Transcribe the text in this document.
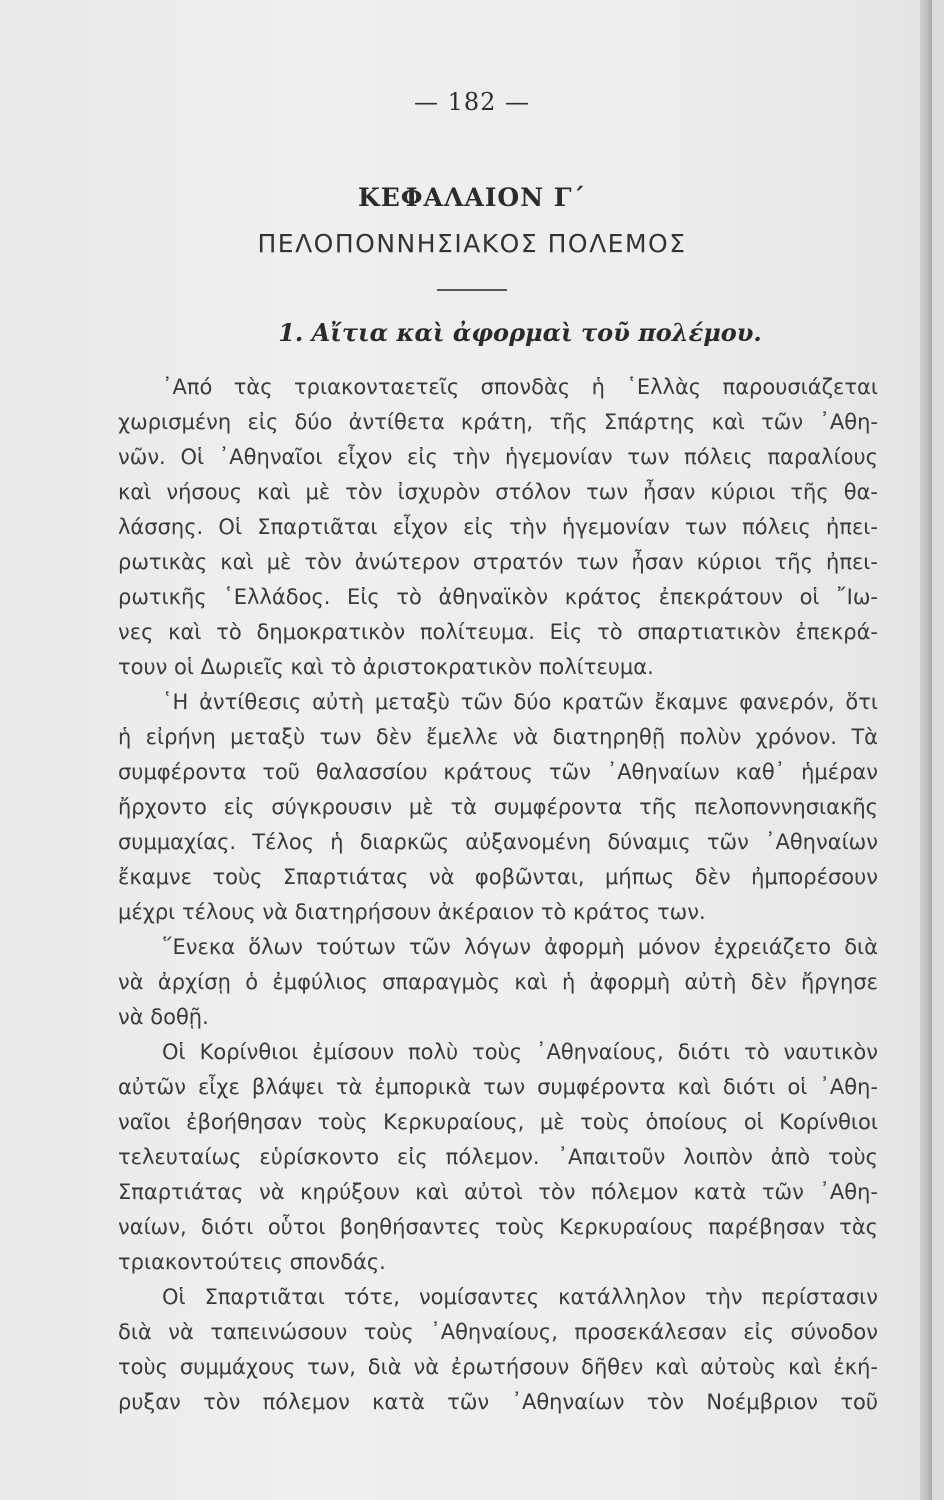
— 182 —
ΚΕΦΑΛΑΙΟΝ Γ΄
ΠΕΛΟΠΟΝΝΗΣΙΑΚΟΣ ΠΟΛΕΜΟΣ
1. Αἴτια καὶ ἀφορμαὶ τοῦ πολέμου.
᾿Από τὰς τριακονταετεῖς σπονδὰς ἡ ῾Ελλὰς παρουσιάζεται
χωρισμένη εἰς δύο ἀντίθετα κράτη, τῆς Σπάρτης καὶ τῶν ᾿Αθη-
νῶν. Οἱ ᾿Αθηναῖοι εἶχον εἰς τὴν ἡγεμονίαν των πόλεις παραλίους
καὶ νήσους καὶ μὲ τὸν ἰσχυρὸν στόλον των ἦσαν κύριοι τῆς θα-
λάσσης. Οἱ Σπαρτιᾶται εἶχον εἰς τὴν ἡγεμονίαν των πόλεις ἠπει-
ρωτικὰς καὶ μὲ τὸν ἀνώτερον στρατόν των ἦσαν κύριοι τῆς ἠπει-
ρωτικῆς ῾Ελλάδος. Εἰς τὸ ἀθηναϊκὸν κράτος ἐπεκράτουν οἱ ῎Ιω-
νες καὶ τὸ δημοκρατικὸν πολίτευμα. Εἰς τὸ σπαρτιατικὸν ἐπεκρά-
τουν οἱ Δωριεῖς καὶ τὸ ἀριστοκρατικὸν πολίτευμα.
῾Η ἀντίθεσις αὐτὴ μεταξὺ τῶν δύο κρατῶν ἔκαμνε φανερόν, ὅτι
ἡ εἰρήνη μεταξὺ των δὲν ἔμελλε νὰ διατηρηθῇ πολὺν χρόνον. Τὰ
συμφέροντα τοῦ θαλασσίου κράτους τῶν ᾿Αθηναίων καθ᾿ ἡμέραν
ἤρχοντο εἰς σύγκρουσιν μὲ τὰ συμφέροντα τῆς πελοποννησιακῆς
συμμαχίας. Τέλος ἡ διαρκῶς αὐξανομένη δύναμις τῶν ᾿Αθηναίων
ἔκαμνε τοὺς Σπαρτιάτας νὰ φοβῶνται, μήπως δὲν ἠμπορέσουν
μέχρι τέλους νὰ διατηρήσουν ἀκέραιον τὸ κράτος των.
῞Ενεκα ὅλων τούτων τῶν λόγων ἀφορμὴ μόνον ἐχρειάζετο διὰ
νὰ ἀρχίσῃ ὁ ἐμφύλιος σπαραγμὸς καὶ ἡ ἀφορμὴ αὐτὴ δὲν ἤργησε
νὰ δοθῇ.
Οἱ Κορίνθιοι ἐμίσουν πολὺ τοὺς ᾿Αθηναίους, διότι τὸ ναυτικὸν
αὐτῶν εἶχε βλάψει τὰ ἐμπορικὰ των συμφέροντα καὶ διότι οἱ ᾿Αθη-
ναῖοι ἐβοήθησαν τοὺς Κερκυραίους, μὲ τοὺς ὁποίους οἱ Κορίνθιοι
τελευταίως εὑρίσκοντο εἰς πόλεμον. ᾿Απαιτοῦν λοιπὸν ἀπὸ τοὺς
Σπαρτιάτας νὰ κηρύξουν καὶ αὐτοὶ τὸν πόλεμον κατὰ τῶν ᾿Αθη-
ναίων, διότι οὗτοι βοηθήσαντες τοὺς Κερκυραίους παρέβησαν τὰς
τριακοντούτεις σπονδάς.
Οἱ Σπαρτιᾶται τότε, νομίσαντες κατάλληλον τὴν περίστασιν
διὰ νὰ ταπεινώσουν τοὺς ᾿Αθηναίους, προσεκάλεσαν εἰς σύνοδον
τοὺς συμμάχους των, διὰ νὰ ἐρωτήσουν δῆθεν καὶ αὐτοὺς καὶ ἐκή-
ρυξαν τὸν πόλεμον κατὰ τῶν ᾿Αθηναίων τὸν Νοέμβριον τοῦ
